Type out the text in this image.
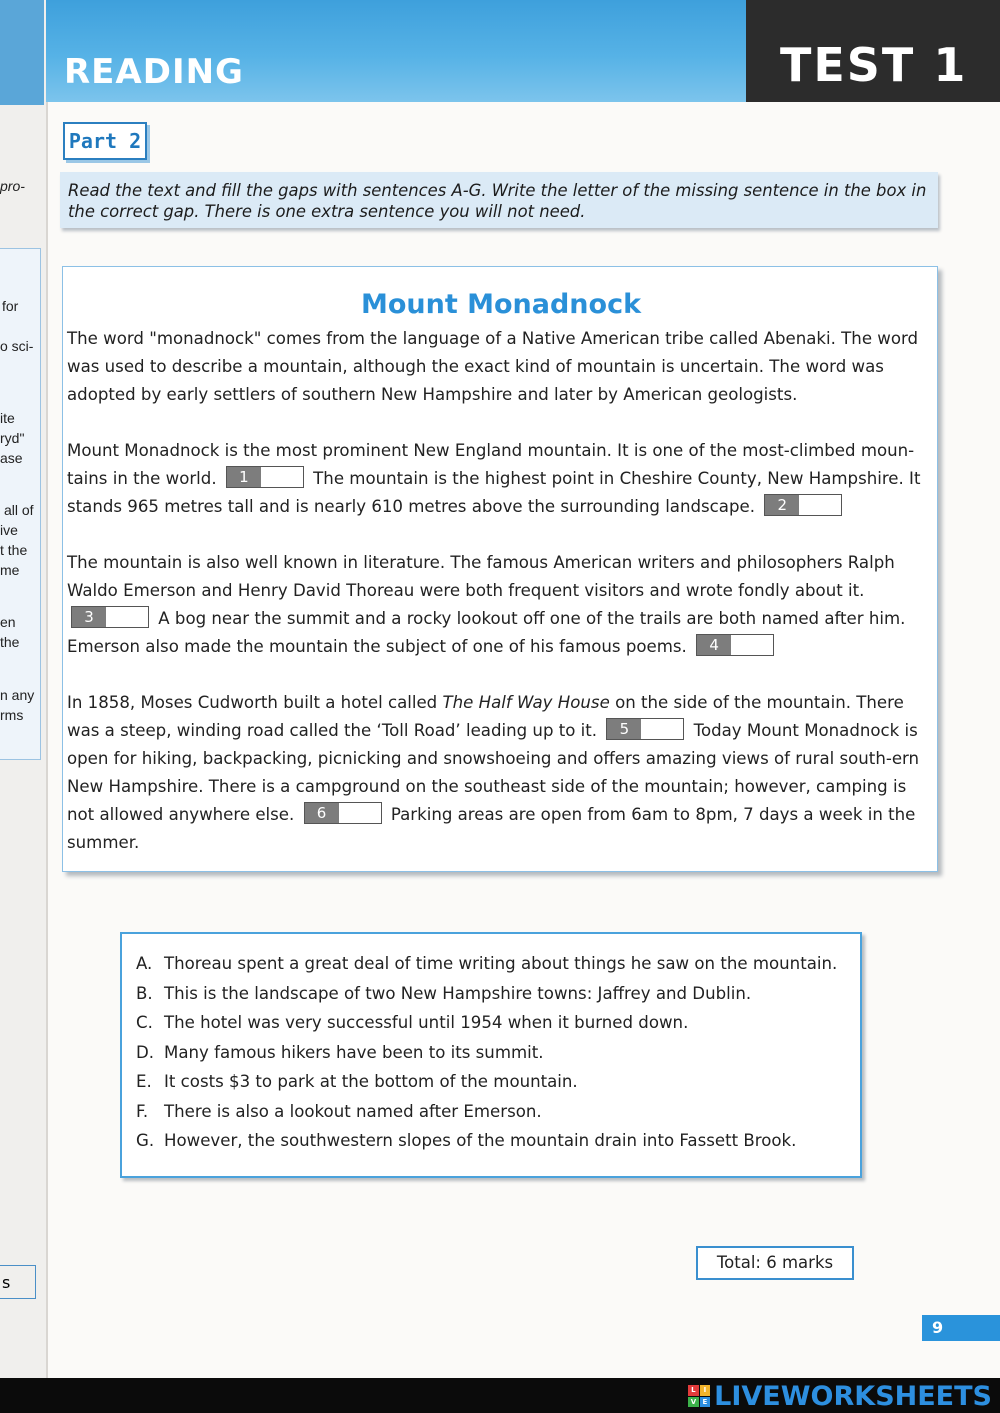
pro-
for
o sci-
ite
ryd"
ase
all of
ive
t the
me
en
the
n any
rms
s
READING	TEST 1
Part 2

Read the text and fill the gaps with sentences A-G. Write the letter of the missing sentence in the box in the correct gap. There is one extra sentence you will not need.

Mount Monadnock

The word "monadnock" comes from the language of a Native American tribe called Abenaki. The word was used to describe a mountain, although the exact kind of mountain is uncertain. The word was adopted by early settlers of southern New Hampshire and later by American geologists.

Mount Monadnock is the most prominent New England mountain. It is one of the most-climbed moun-tains in the world.	1	The mountain is the highest point in Cheshire County, New Hampshire. It stands 965 metres tall and is nearly 610 metres above the surrounding landscape.	2

The mountain is also well known in literature. The famous American writers and philosophers Ralph Waldo Emerson and Henry David Thoreau were both frequent visitors and wrote fondly about it.
3	A bog near the summit and a rocky lookout off one of the trails are both named after him. Emerson also made the mountain the subject of one of his famous poems.	4

In 1858, Moses Cudworth built a hotel called The Half Way House on the side of the mountain. There was a steep, winding road called the ‘Toll Road’ leading up to it.	5	Today Mount Monadnock is open for hiking, backpacking, picnicking and snowshoeing and offers amazing views of rural south-ern New Hampshire. There is a campground on the southeast side of the mountain; however, camping is not allowed anywhere else.	6	Parking areas are open from 6am to 8pm, 7 days a week in the summer.

A. Thoreau spent a great deal of time writing about things he saw on the mountain.
B. This is the landscape of two New Hampshire towns: Jaffrey and Dublin.
C. The hotel was very successful until 1954 when it burned down.
D. Many famous hikers have been to its summit.
E. It costs $3 to park at the bottom of the mountain.
F. There is also a lookout named after Emerson.
G. However, the southwestern slopes of the mountain drain into Fassett Brook.
Total: 6 marks
9
L	I
V E LIVEWORKSHEETS
